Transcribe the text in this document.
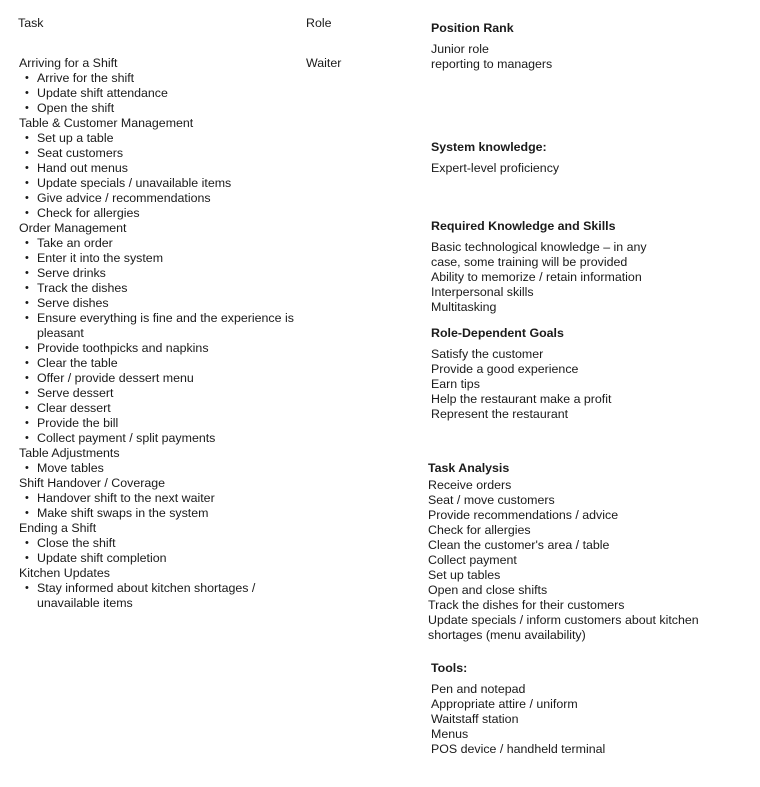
Task	Role
Waiter
Arriving for a Shift
• Arrive for the shift
• Update shift attendance
• Open the shift
Table & Customer Management
• Set up a table
• Seat customers
• Hand out menus
• Update specials / unavailable items
• Give advice / recommendations
• Check for allergies
Order Management
• Take an order
• Enter it into the system
• Serve drinks
• Track the dishes
• Serve dishes
• Ensure everything is fine and the experience is pleasant
• Provide toothpicks and napkins
• Clear the table
• Offer / provide dessert menu
• Serve dessert
• Clear dessert
• Provide the bill
• Collect payment / split payments
Table Adjustments
• Move tables
Shift Handover / Coverage
• Handover shift to the next waiter
• Make shift swaps in the system
Ending a Shift
• Close the shift
• Update shift completion
Kitchen Updates
• Stay informed about kitchen shortages / unavailable items
Position Rank
Junior role
reporting to managers
System knowledge:
Expert-level proficiency
Required Knowledge and Skills
Basic technological knowledge – in any case, some training will be provided
Ability to memorize / retain information
Interpersonal skills
Multitasking
Role-Dependent Goals
Satisfy the customer
Provide a good experience
Earn tips
Help the restaurant make a profit
Represent the restaurant
Task Analysis
Receive orders
Seat / move customers
Provide recommendations / advice
Check for allergies
Clean the customer's area / table
Collect payment
Set up tables
Open and close shifts
Track the dishes for their customers
Update specials / inform customers about kitchen shortages (menu availability)
Tools:
Pen and notepad
Appropriate attire / uniform
Waitstaff station
Menus
POS device / handheld terminal
